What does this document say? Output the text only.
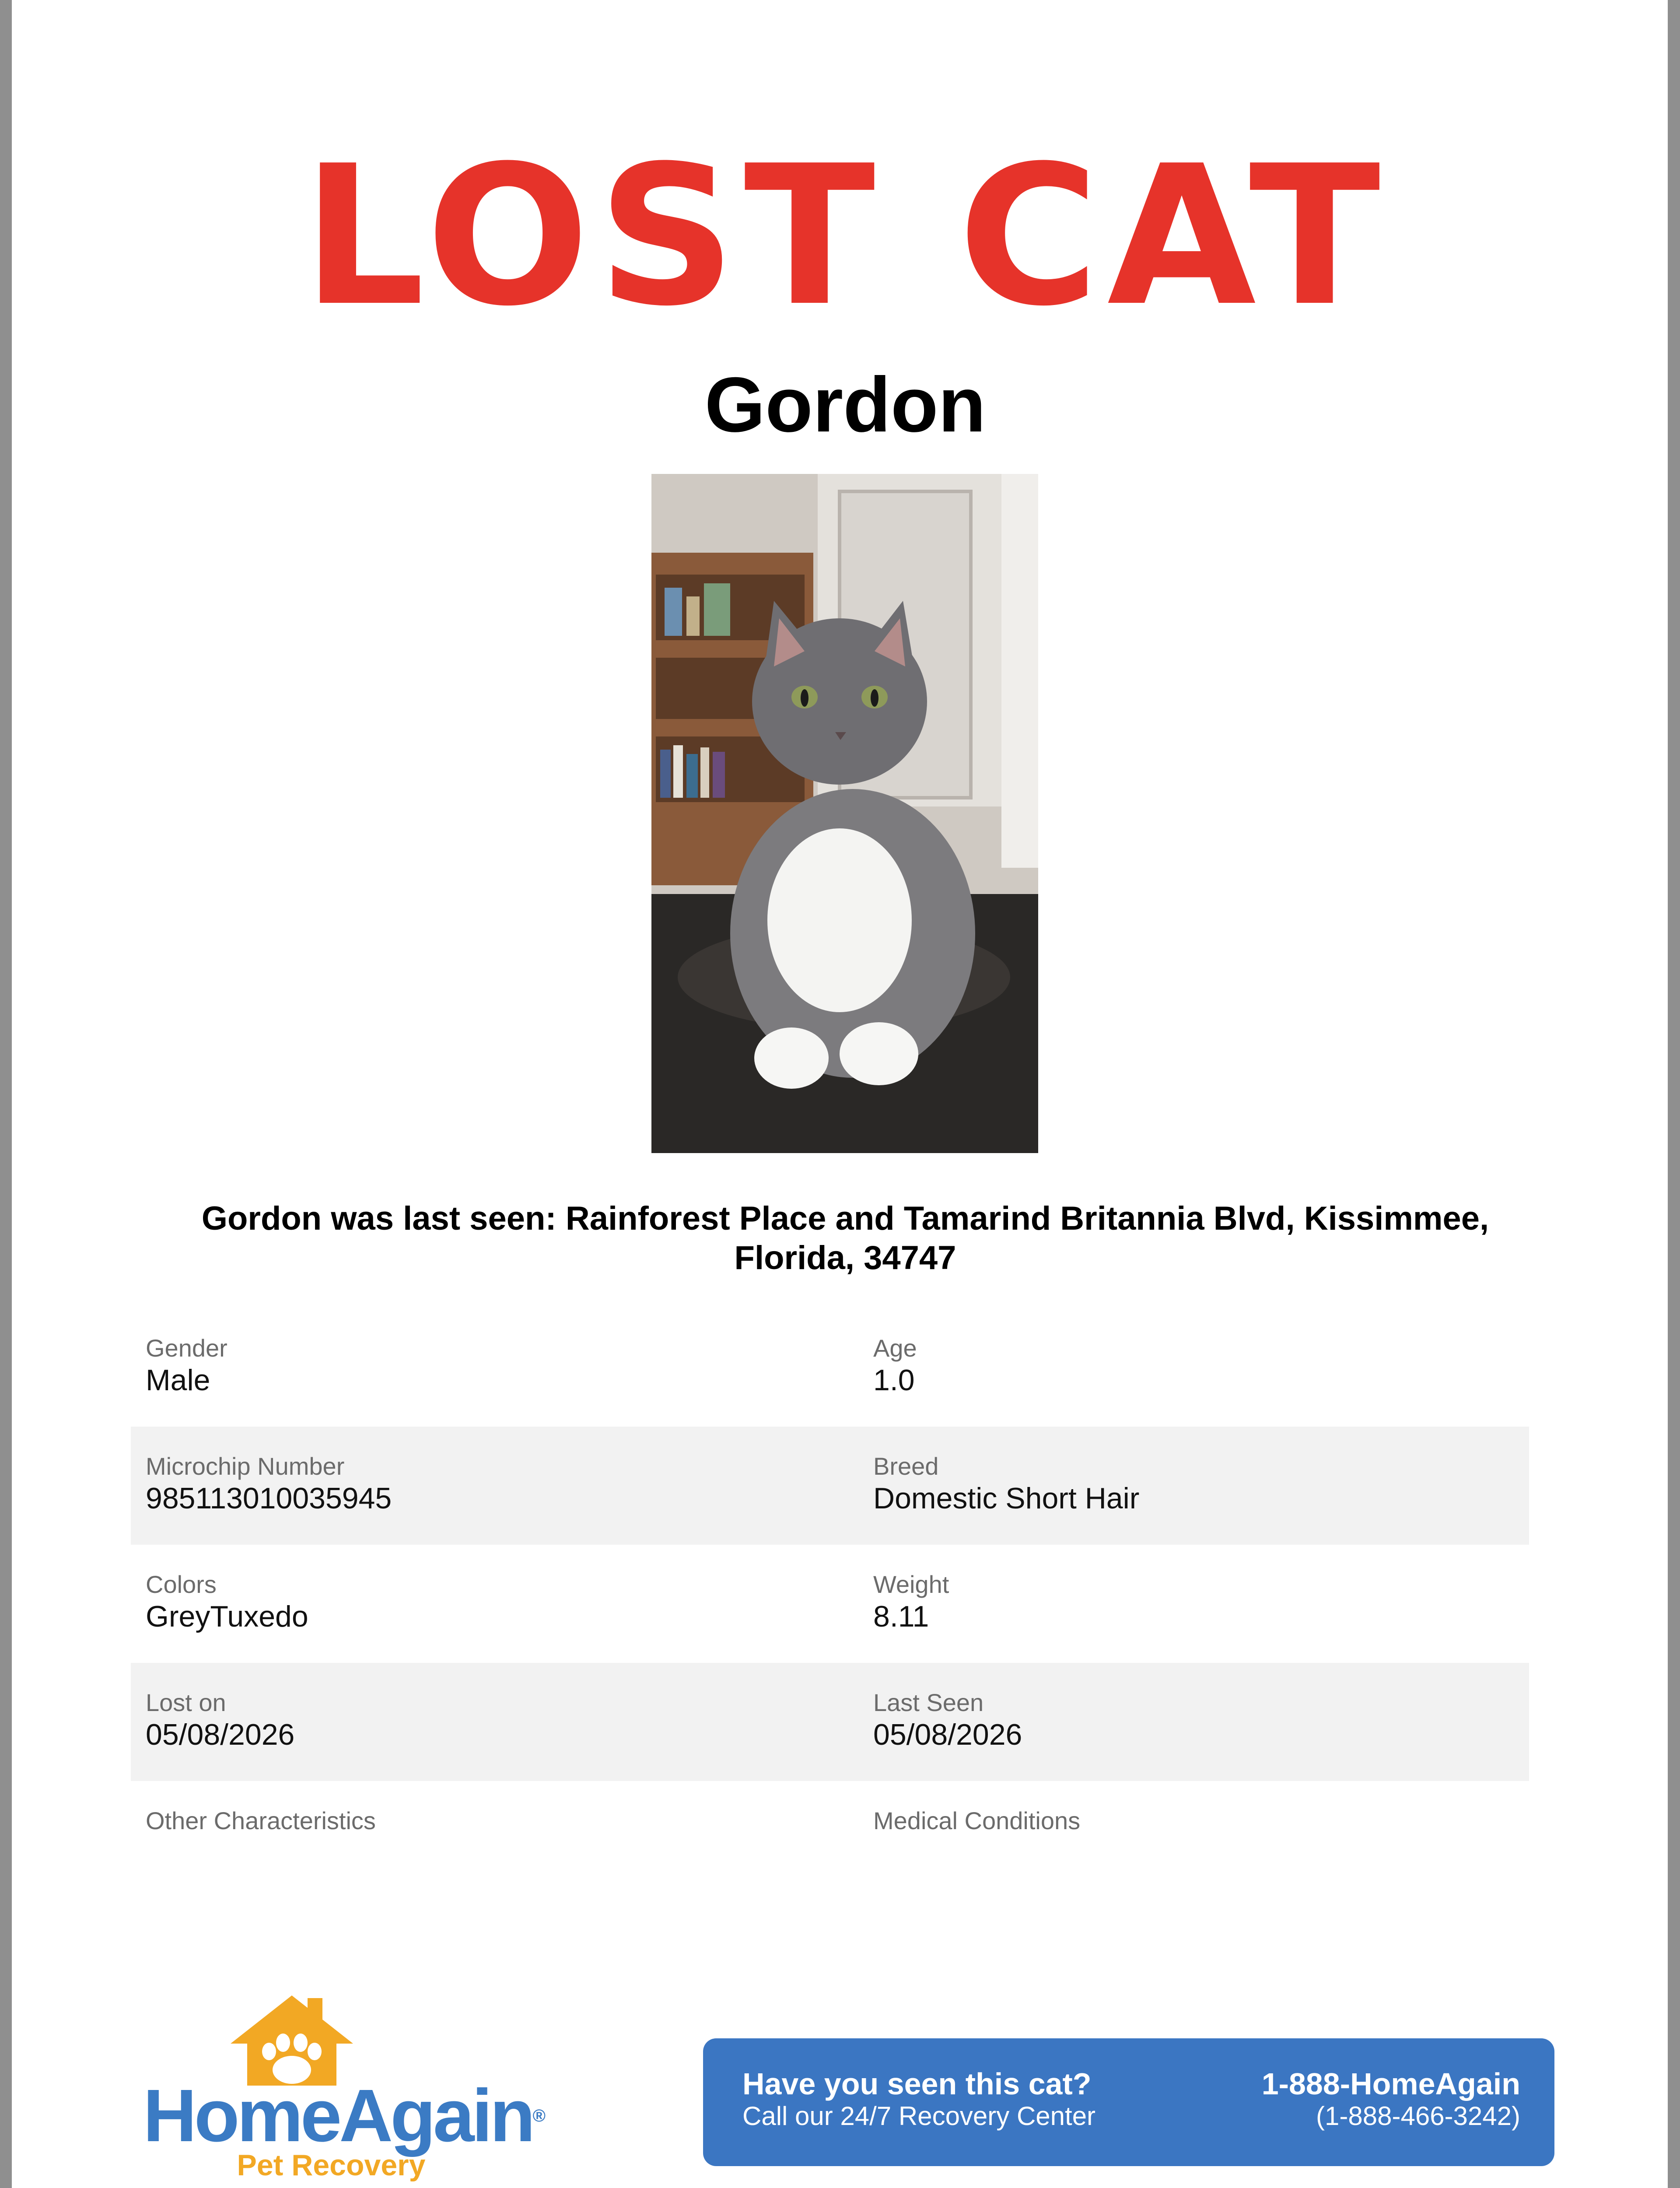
LOST CAT
Gordon

Gordon was last seen: Rainforest Place and Tamarind Britannia Blvd, Kissimmee, Florida, 34747

Gender
Male
Age
1.0
Microchip Number
985113010035945
Breed
Domestic Short Hair
Colors
GreyTuxedo
Weight
8.11
Lost on
05/08/2026
Last Seen
05/08/2026
Other Characteristics	Medical Conditions
HomeAgain®
Pet Recovery
Have you seen this cat?
Call our 24/7 Recovery Center
1-888-HomeAgain
(1-888-466-3242)
